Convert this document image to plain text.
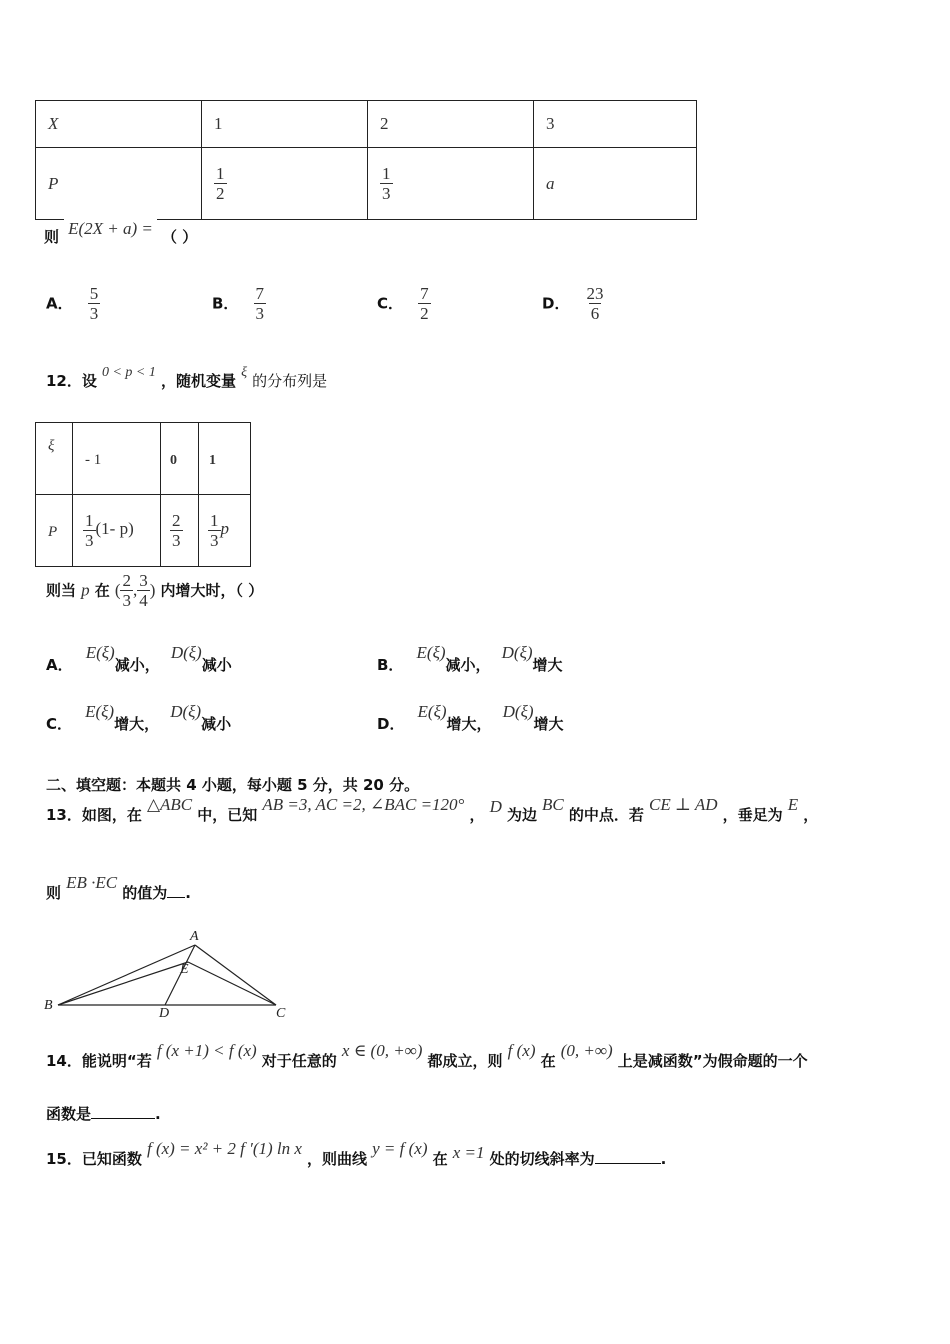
X	1	2	3
P	$\frac{1}{2}$	$\frac{1}{3}$	a
则 E(2X + a) = （ ）
A． $\frac{5}{3}$	B． $\frac{7}{3}$	C． $\frac{7}{2}$	D． $\frac{23}{6}$
12．设 0 < p < 1 ，随机变量 ξ 的分布列是
ξ	- 1	0	1
P	$\frac{1}{3} (1-$ p)	$\frac{2}{3}$	$\frac{1}{3}$ p
则当 p 在 ( $\frac{2}{3}$ , $\frac{3}{4}$ ) 内增大时，（ ）
A． E(ξ)减小， D(ξ)减小	B． E(ξ)减小， D(ξ)增大
C． E(ξ)增大， D(ξ)减小	D． E(ξ)增大， D(ξ)增大
二、填空题：本题共 4 小题，每小题 5 分，共 20 分。
13．如图，在 △ABC 中，已知 AB =3, AC =2, ∠BAC =120° ， D 为边 BC 的中点．若 CE ⊥ AD ，垂足为 E ，
则 EB ·EC 的值为 .
A
E
B
D	C
14．能说明“若 f (x +1) < f (x) 对于任意的 x ∈ (0, +∞) 都成立，则 f (x) 在 (0, +∞) 上是减函数”为假命题的一个
函数是	.
15．已知函数 f (x) = x² + 2 f ′(1) ln x ，则曲线 y = f (x) 在 x =1 处的切线斜率为	.
